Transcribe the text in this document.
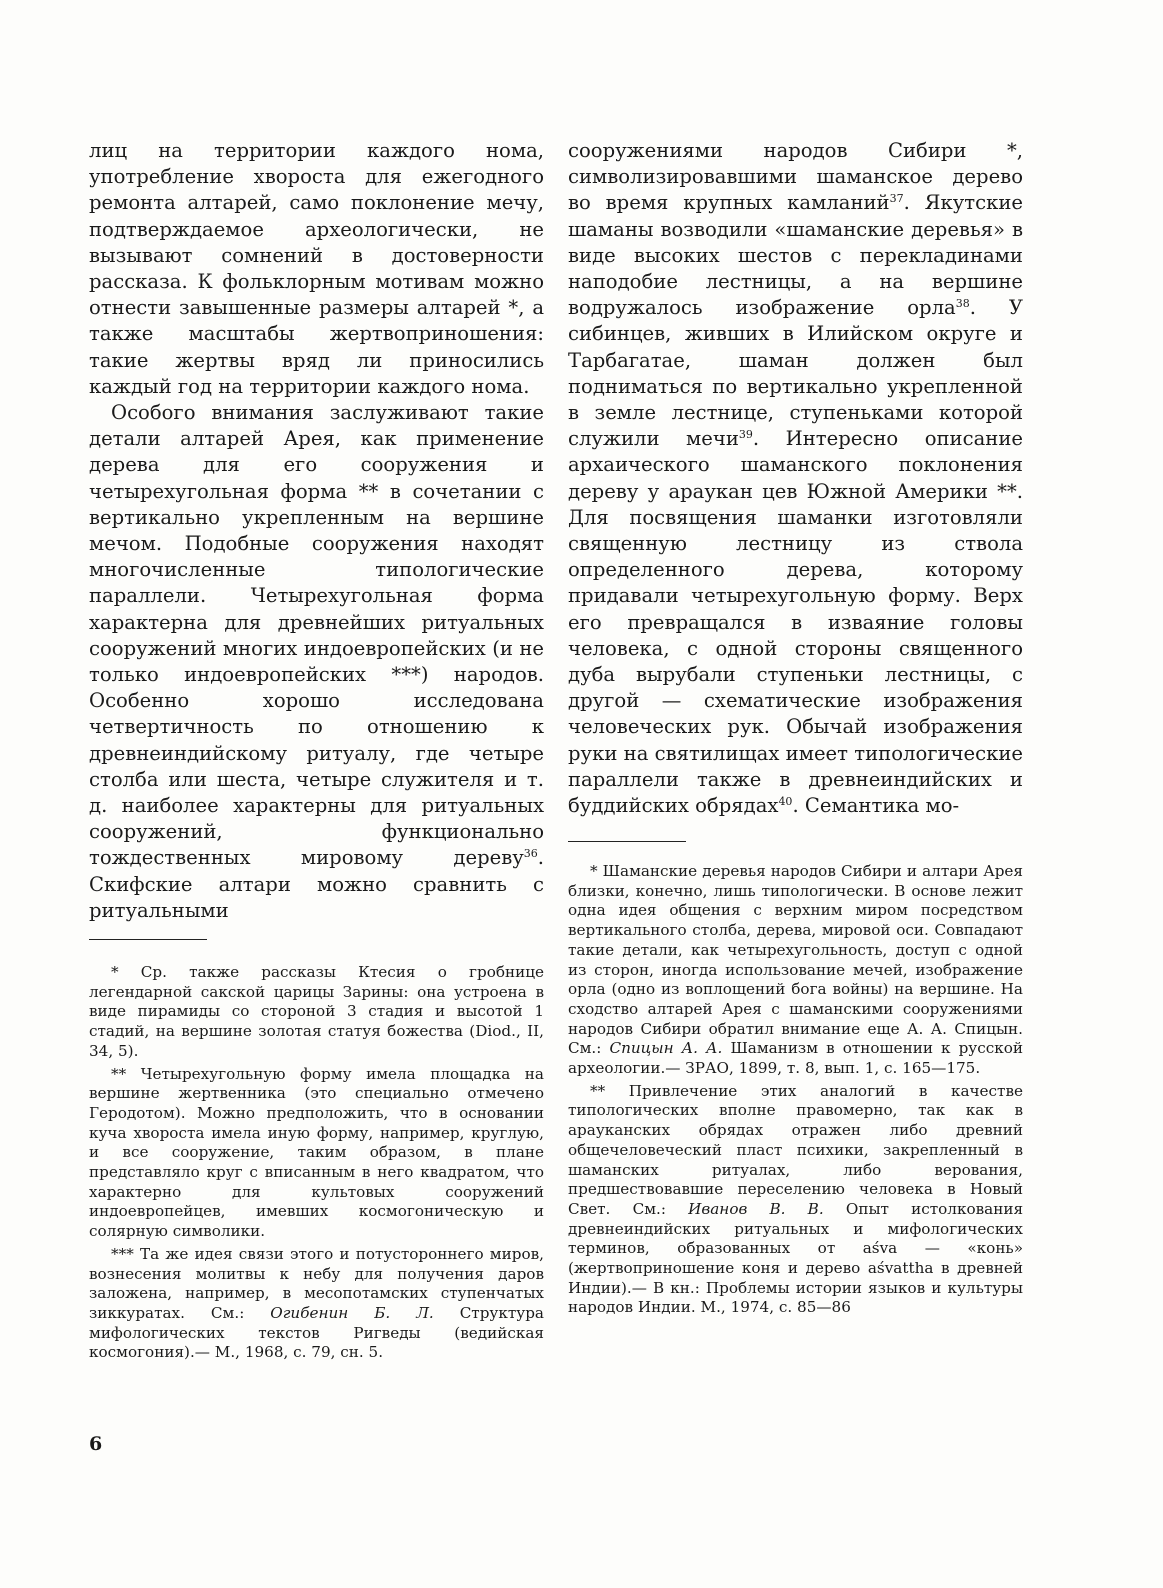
лиц на территории каждого нома, употребление хвороста для ежегодного ремонта алтарей, само поклонение мечу, подтверждаемое археологически, не вызывают сомнений в достоверности рассказа. К фольклорным мотивам можно отнести завышенные размеры алтарей *, а также масштабы жертвоприношения: такие жертвы вряд ли приносились каждый год на территории каждого нома.

Особого внимания заслуживают такие детали алтарей Арея, как применение дерева для его сооружения и четырехугольная форма ** в сочетании с вертикально укрепленным на вершине мечом. Подобные сооружения находят многочисленные типологические параллели. Четырехугольная форма характерна для древнейших ритуальных сооружений многих индоевропейских (и не только индоевропейских ***) народов. Особенно хорошо исследована четвертичность по отношению к древнеиндийскому ритуалу, где четыре столба или шеста, четыре служителя и т. д. наиболее характерны для ритуальных сооружений, функционально тождественных мировому дереву$^{36}$. Скифские алтари можно сравнить с ритуальными

* Ср. также рассказы Ктесия о гробнице легендарной сакской царицы Зарины: она устроена в виде пирамиды со стороной 3 стадия и высотой 1 стадий, на вершине золотая статуя божества (Diod., II, 34, 5).

** Четырехугольную форму имела площадка на вершине жертвенника (это специально отмечено Геродотом). Можно предположить, что в основании куча хвороста имела иную форму, например, круглую, и все сооружение, таким образом, в плане представляло круг с вписанным в него квадратом, что характерно для культовых сооружений индоевропейцев, имевших космогоническую и солярную символики.

*** Та же идея связи этого и потустороннего миров, вознесения молитвы к небу для получения даров заложена, например, в месопотамских ступенчатых зиккуратах. См.: Огибенин Б. Л. Структура мифологических текстов Ригведы (ведийская космогония).— М., 1968, с. 79, сн. 5.

сооружениями народов Сибири *, символизировавшими шаманское дерево во время крупных камланий$^{37}$. Якутские шаманы возводили «шаманские деревья» в виде высоких шестов с перекладинами наподобие лестницы, а на вершине водружалось изображение орла$^{38}$. У сибинцев, живших в Илийском округе и Тарбагатае, шаман должен был подниматься по вертикально укрепленной в земле лестнице, ступеньками которой служили мечи$^{39}$. Интересно описание архаического шаманского поклонения дереву у араукан цев Южной Америки **. Для посвящения шаманки изготовляли священную лестницу из ствола определенного дерева, которому придавали четырехугольную форму. Верх его превращался в изваяние головы человека, с одной стороны священного дуба вырубали ступеньки лестницы, с другой — схематические изображения человеческих рук. Обычай изображения руки на святилищах имеет типологические параллели также в древнеиндийских и буддийских обрядах$^{40}$. Семантика мо-

* Шаманские деревья народов Сибири и алтари Арея близки, конечно, лишь типологически. В основе лежит одна идея общения с верхним миром посредством вертикального столба, дерева, мировой оси. Совпадают такие детали, как четырехугольность, доступ с одной из сторон, иногда использование мечей, изображение орла (одно из воплощений бога войны) на вершине. На сходство алтарей Арея с шаманскими сооружениями народов Сибири обратил внимание еще А. А. Спицын. См.: Спицын А. А. Шаманизм в отношении к русской археологии.— ЗРАО, 1899, т. 8, вып. 1, с. 165—175.

** Привлечение этих аналогий в качестве типологических вполне правомерно, так как в арауканских обрядах отражен либо древний общечеловеческий пласт психики, закрепленный в шаманских ритуалах, либо верования, предшествовавшие переселению человека в Новый Свет. См.: Иванов В. В. Опыт истолкования древнеиндийских ритуальных и мифологических терминов, образованных от aśva — «конь» (жертвоприношение коня и дерево aśvattha в древней Индии).— В кн.: Проблемы истории языков и культуры народов Индии. М., 1974, с. 85—86

6
